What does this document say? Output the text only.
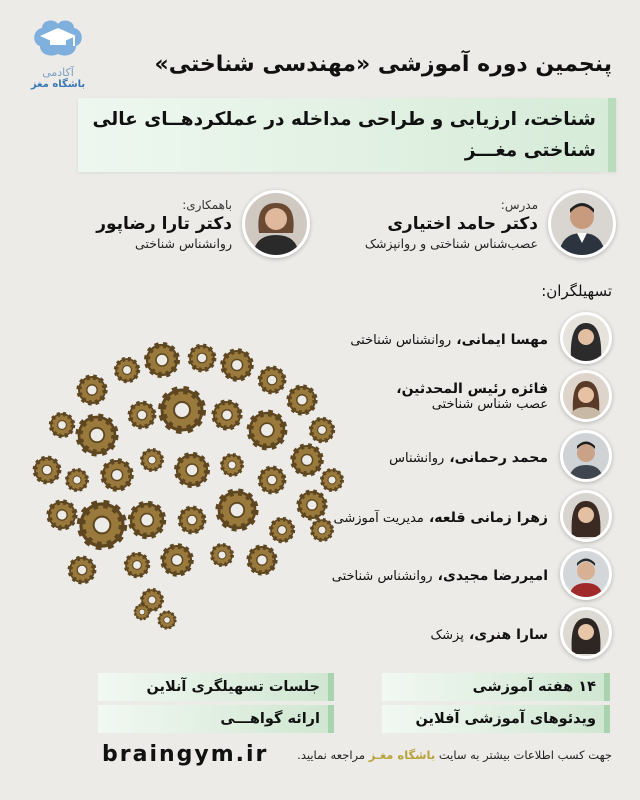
آکادمی
باشگاه مغز
پنجمین دوره آموزشی «مهندسی شناختی»
شناخت، ارزیابی و طراحی مداخله در عملکردهــای عالی شناختی مغـــز
مدرس:
دکتر حامد اختیاری
عصب‌شناس شناختی و روانپزشک
باهمکاری:
دکتر تارا رضاپور
روانشناس شناختی
تسهیلگران:
مهسا ایمانی، روانشناس شناختی
فائزه رئیس المحدثین،
عصب شناس شناختی
محمد رحمانی، روانشناس
زهرا زمانی قلعه، مدیریت آموزشی
امیررضا مجیدی، روانشناس شناختی
سارا هنری، پزشک
۱۴ هفته آموزشی
ویدئوهای آموزشی آفلاین
جلسات تسهیلگری آنلاین
ارائه گواهـــی
braingym.ir	جهت کسب اطلاعات بیشتر به سایت باشگاه مغـز مراجعه نمایید.
